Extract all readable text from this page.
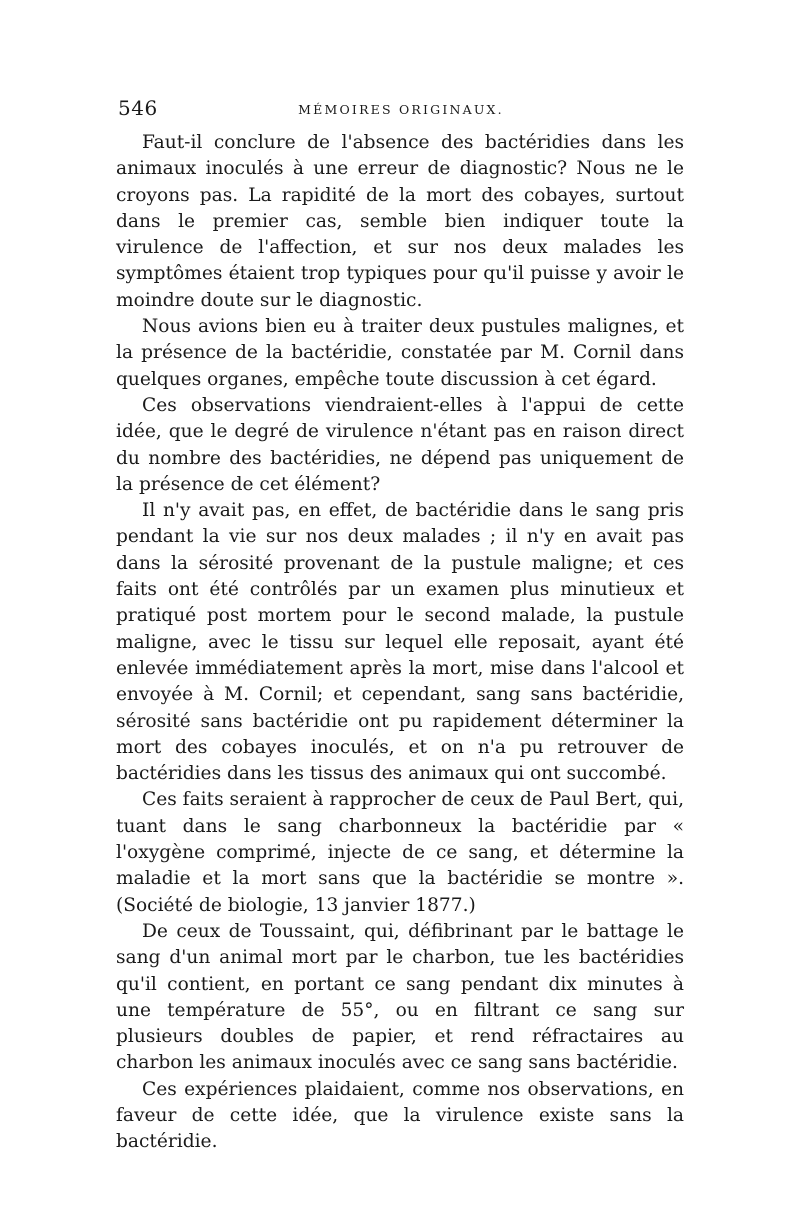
546	MÉMOIRES ORIGINAUX.

Faut-il conclure de l'absence des bactéridies dans les animaux inoculés à une erreur de diagnostic? Nous ne le croyons pas. La rapidité de la mort des cobayes, surtout dans le premier cas, semble bien indiquer toute la virulence de l'affection, et sur nos deux malades les symptômes étaient trop typiques pour qu'il puisse y avoir le moindre doute sur le diagnostic.

Nous avions bien eu à traiter deux pustules malignes, et la présence de la bactéridie, constatée par M. Cornil dans quelques organes, empêche toute discussion à cet égard.

Ces observations viendraient-elles à l'appui de cette idée, que le degré de virulence n'étant pas en raison direct du nombre des bactéridies, ne dépend pas uniquement de la présence de cet élément?

Il n'y avait pas, en effet, de bactéridie dans le sang pris pendant la vie sur nos deux malades ; il n'y en avait pas dans la sérosité provenant de la pustule maligne; et ces faits ont été contrôlés par un examen plus minutieux et pratiqué post mortem pour le second malade, la pustule maligne, avec le tissu sur lequel elle reposait, ayant été enlevée immédiatement après la mort, mise dans l'alcool et envoyée à M. Cornil; et cependant, sang sans bactéridie, sérosité sans bactéridie ont pu rapidement déterminer la mort des cobayes inoculés, et on n'a pu retrouver de bactéridies dans les tissus des animaux qui ont succombé.

Ces faits seraient à rapprocher de ceux de Paul Bert, qui, tuant dans le sang charbonneux la bactéridie par « l'oxygène comprimé, injecte de ce sang, et détermine la maladie et la mort sans que la bactéridie se montre ». (Société de biologie, 13 janvier 1877.)

De ceux de Toussaint, qui, défibrinant par le battage le sang d'un animal mort par le charbon, tue les bactéridies qu'il contient, en portant ce sang pendant dix minutes à une température de 55°, ou en filtrant ce sang sur plusieurs doubles de papier, et rend réfractaires au charbon les animaux inoculés avec ce sang sans bactéridie.

Ces expériences plaidaient, comme nos observations, en faveur de cette idée, que la virulence existe sans la bactéridie.
